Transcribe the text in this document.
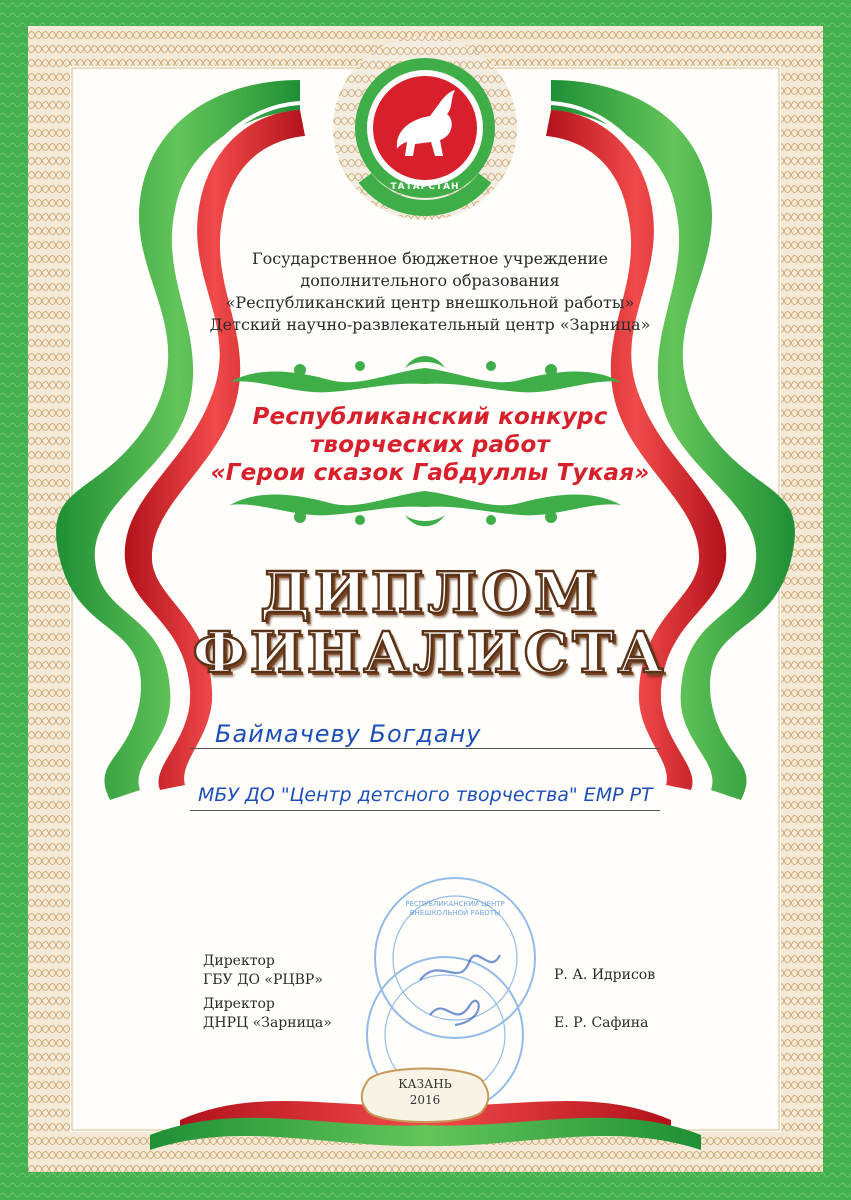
ТАТАРСТАН
Государственное бюджетное учреждение
дополнительного образования
«Республиканский центр внешкольной работы»
Детский научно-развлекательный центр «Зарница»
Республиканский конкурс
творческих работ
«Герои сказок Габдуллы Тукая»
ДИПЛОМ
ФИНАЛИСТА
Баймачеву Богдану
МБУ ДО "Центр детсного творчества" ЕМР РТ
РЕСПУБЛИКАНСКИЙ ЦЕНТР ВНЕШКОЛЬНОЙ РАБОТЫ
Директор
ГБУ ДО «РЦВР»	Р. А. Идрисов
Директор
ДНРЦ «Зарница»	Е. Р. Сафина
КАЗАНЬ
2016
